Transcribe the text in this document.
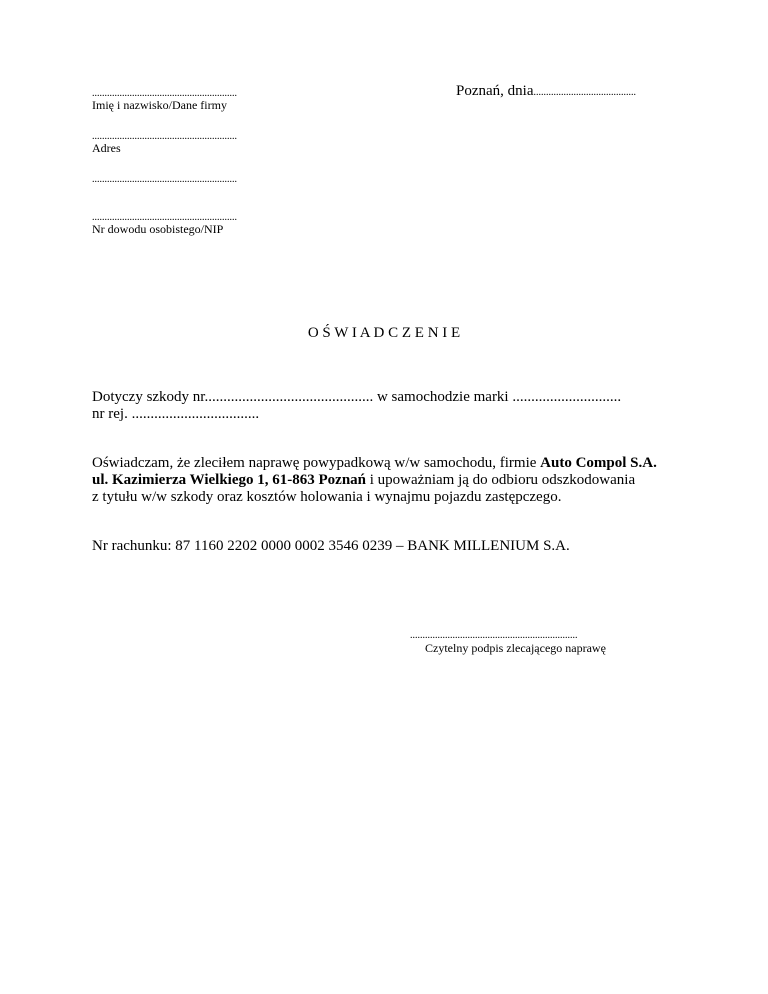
..........................................................
Imię i nazwisko/Dane firmy
Poznań, dnia.........................................
..........................................................
Adres
..........................................................
..........................................................
Nr dowodu osobistego/NIP
O Ś W I A D C Z E N I E
Dotyczy szkody nr............................................. w samochodzie marki .............................
nr rej. ..................................
Oświadczam, że zleciłem naprawę powypadkową w/w samochodu, firmie Auto Compol S.A.
ul. Kazimierza Wielkiego 1, 61-863 Poznań i upoważniam ją do odbioru odszkodowania
z tytułu w/w szkody oraz kosztów holowania i wynajmu pojazdu zastępczego.
Nr rachunku: 87 1160 2202 0000 0002 3546 0239 – BANK MILLENIUM S.A.
...................................................................
Czytelny podpis zlecającego naprawę
